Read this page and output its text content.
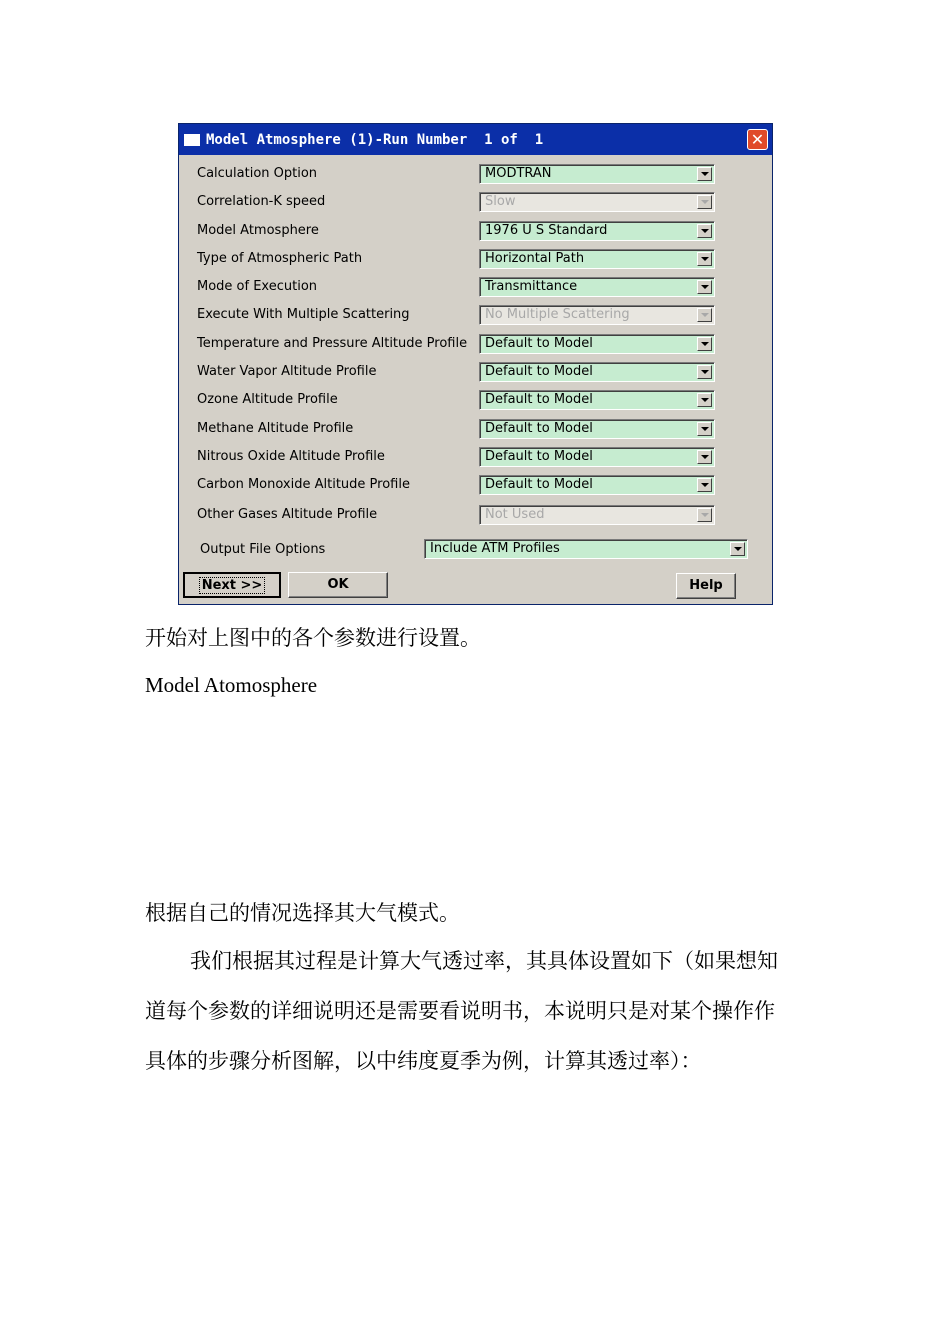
Model Atmosphere (1)-Run Number  1 of  1	✕
Calculation Option	MODTRAN
Correlation-K speed	Slow
Model Atmosphere	1976 U S Standard
Type of Atmospheric Path	Horizontal Path
Mode of Execution	Transmittance
Execute With Multiple Scattering	No Multiple Scattering
Temperature and Pressure Altitude Profile Default to Model
Water Vapor Altitude Profile	Default to Model
Ozone Altitude Profile	Default to Model
Methane Altitude Profile	Default to Model
Nitrous Oxide Altitude Profile	Default to Model
Carbon Monoxide Altitude Profile	Default to Model
Other Gases Altitude Profile	Not Used
Output File Options	Include ATM Profiles
Next >>	OK	Help
开始对上图中的各个参数进行设置。
Model Atomosphere
根据自己的情况选择其大气模式。
我们根据其过程是计算大气透过率，其具体设置如下（如果想知
道每个参数的详细说明还是需要看说明书，本说明只是对某个操作作
具体的步骤分析图解，以中纬度夏季为例，计算其透过率）：
